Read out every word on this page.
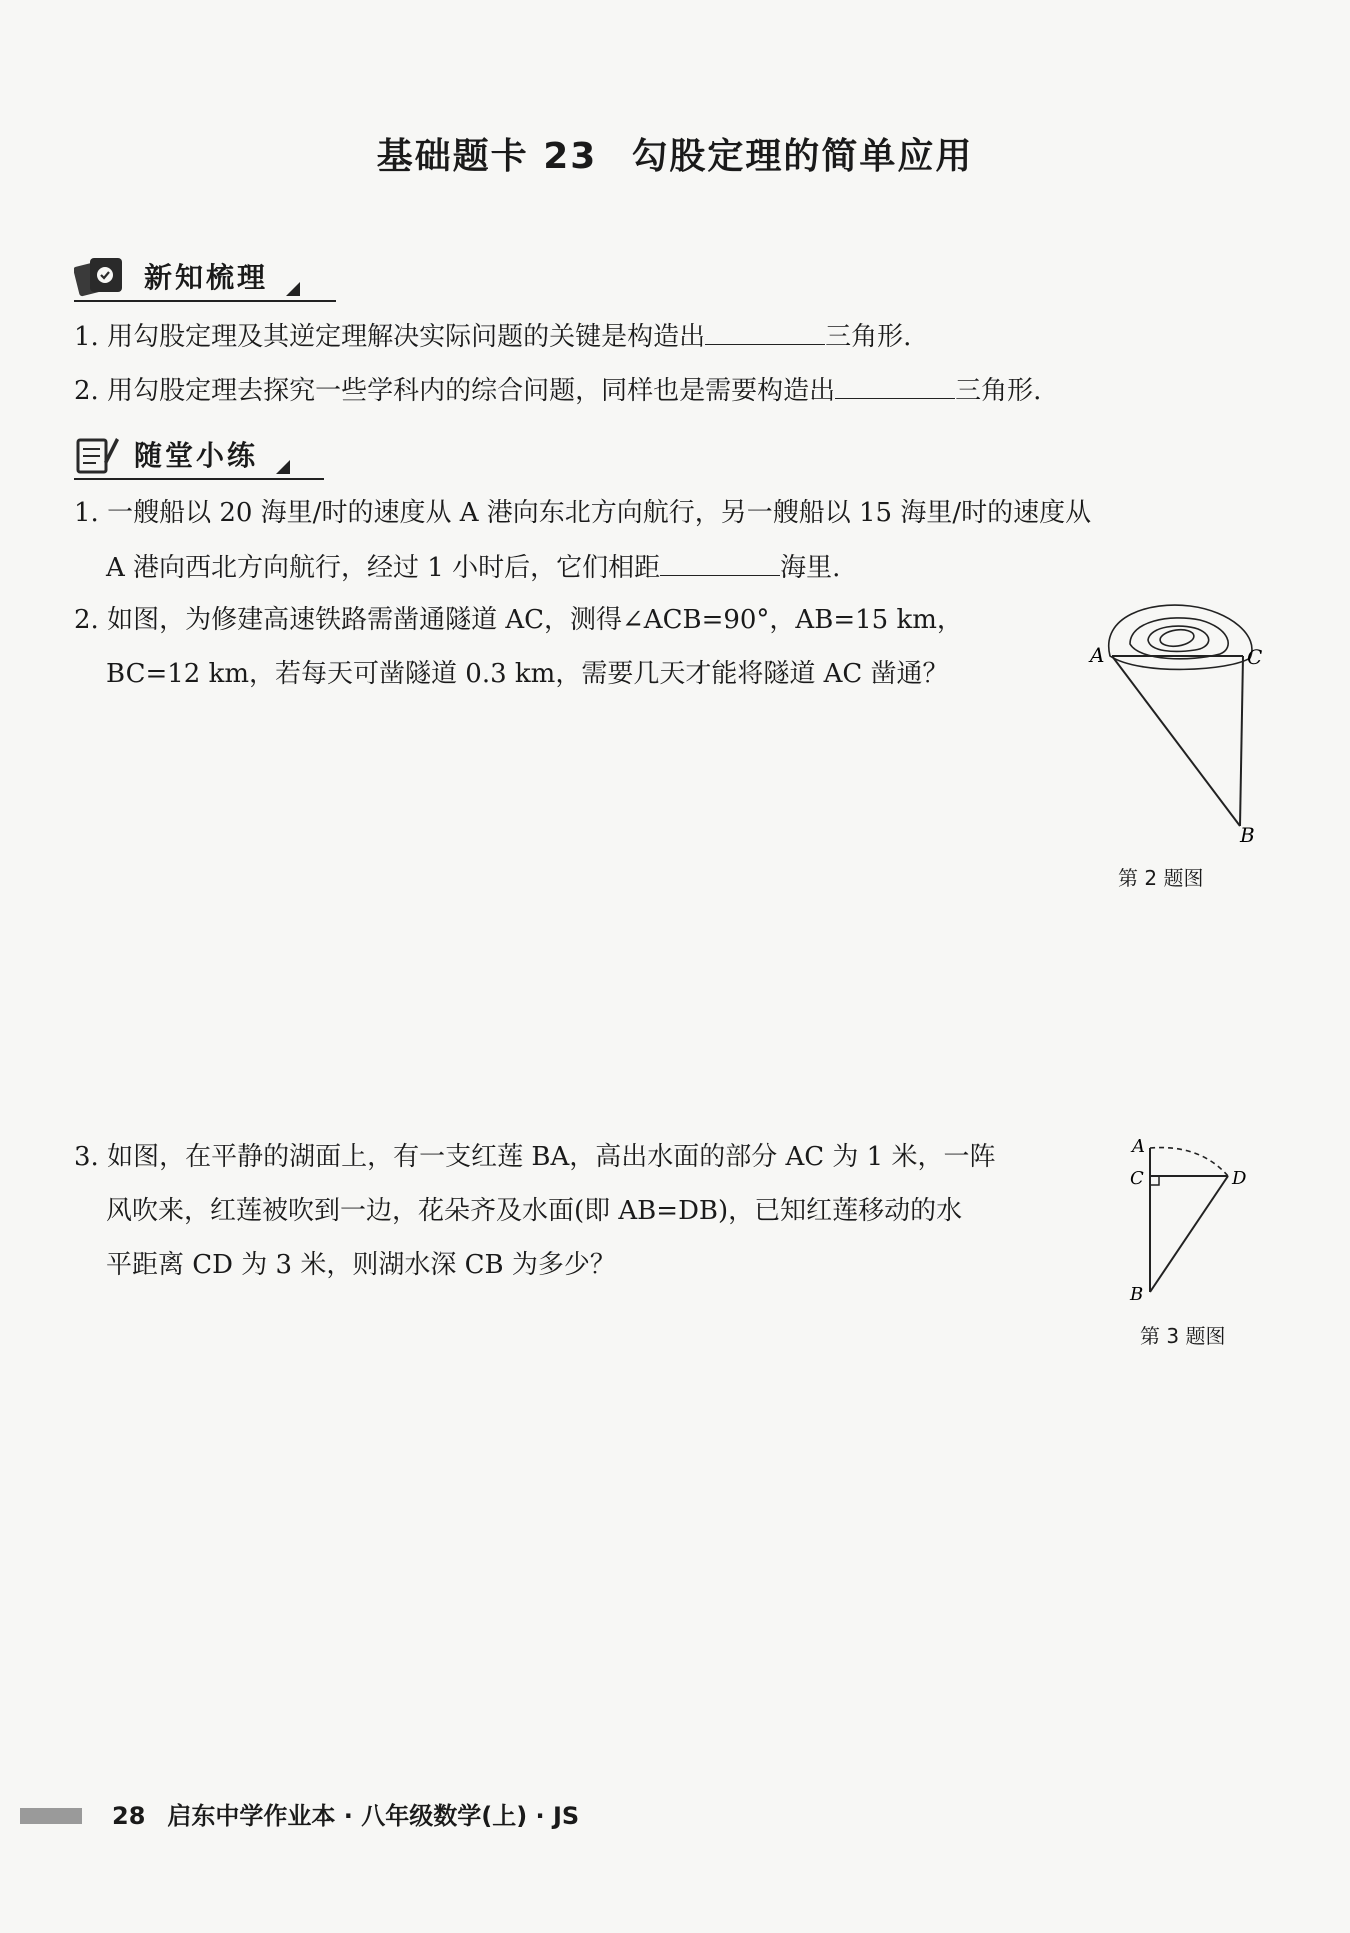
基础题卡 23 勾股定理的简单应用
新知梳理
1. 用勾股定理及其逆定理解决实际问题的关键是构造出	三角形.
2. 用勾股定理去探究一些学科内的综合问题，同样也是需要构造出	三角形.
随堂小练
1. 一艘船以 20 海里/时的速度从 A 港向东北方向航行，另一艘船以 15 海里/时的速度从
A 港向西北方向航行，经过 1 小时后，它们相距	海里.
2. 如图，为修建高速铁路需凿通隧道 AC，测得∠ACB=90°，AB=15 km，
BC=12 km，若每天可凿隧道 0.3 km，需要几天才能将隧道 AC 凿通？
A	C
B
第 2 题图
3. 如图，在平静的湖面上，有一支红莲 BA，高出水面的部分 AC 为 1 米，一阵
风吹来，红莲被吹到一边，花朵齐及水面(即 AB=DB)，已知红莲移动的水
平距离 CD 为 3 米，则湖水深 CB 为多少？
A
C	D
B
第 3 题图
28 启东中学作业本 · 八年级数学(上) · JS
